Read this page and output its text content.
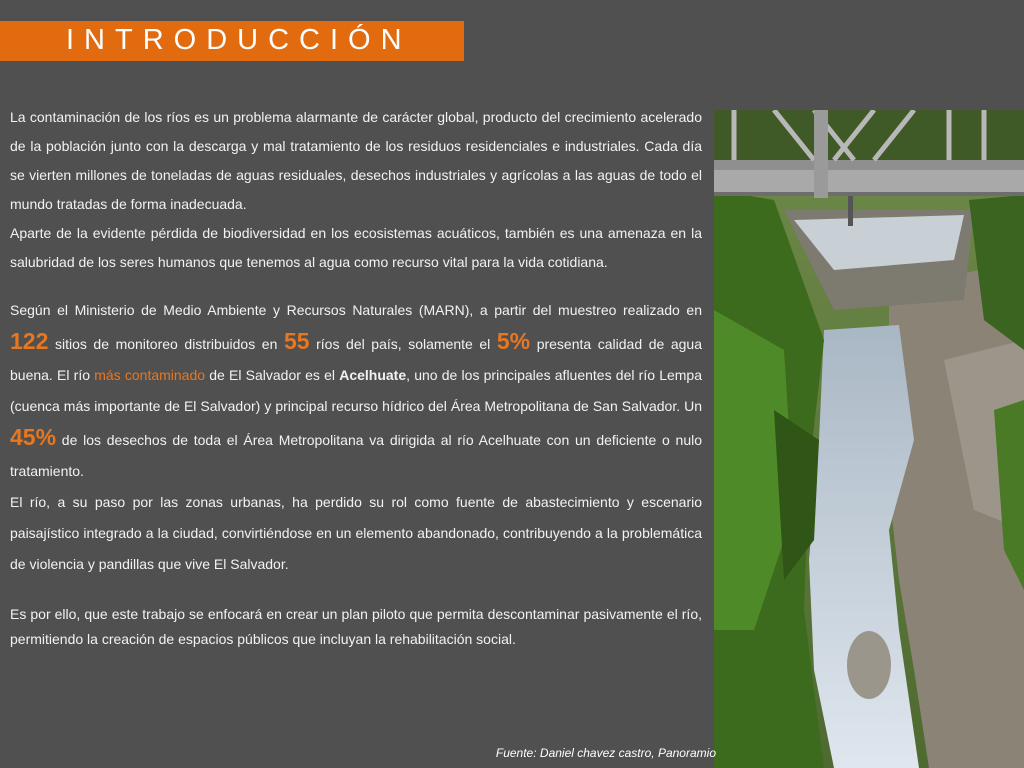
INTRODUCCIÓN

La contaminación de los ríos es un problema alarmante de carácter global, producto del crecimiento acelerado de la población junto con la descarga y mal tratamiento de los residuos residenciales e industriales. Cada día se vierten millones de toneladas de aguas residuales, desechos industriales y agrícolas a las aguas de todo el mundo tratadas de forma inadecuada.

Aparte de la evidente pérdida de biodiversidad en los ecosistemas acuáticos, también es una amenaza en la salubridad de los seres humanos que tenemos al agua como recurso vital para la vida cotidiana.

Según el Ministerio de Medio Ambiente y Recursos Naturales (MARN), a partir del muestreo realizado en 122 sitios de monitoreo distribuidos en 55 ríos del país, solamente el 5% presenta calidad de agua buena. El río más contaminado de El Salvador es el Acelhuate, uno de los principales afluentes del río Lempa (cuenca más importante de El Salvador) y principal recurso hídrico del Área Metropolitana de San Salvador. Un 45% de los desechos de toda el Área Metropolitana va dirigida al río Acelhuate con un deficiente o nulo tratamiento.

El río, a su paso por las zonas urbanas, ha perdido su rol como fuente de abastecimiento y escenario paisajístico integrado a la ciudad, convirtiéndose en un elemento abandonado, contribuyendo a la problemática de violencia y pandillas que vive El Salvador.

Es por ello, que este trabajo se enfocará en crear un plan piloto que permita descontaminar pasivamente el río, permitiendo la creación de espacios públicos que incluyan la rehabilitación social.

Fuente: Daniel chavez castro, Panoramio
